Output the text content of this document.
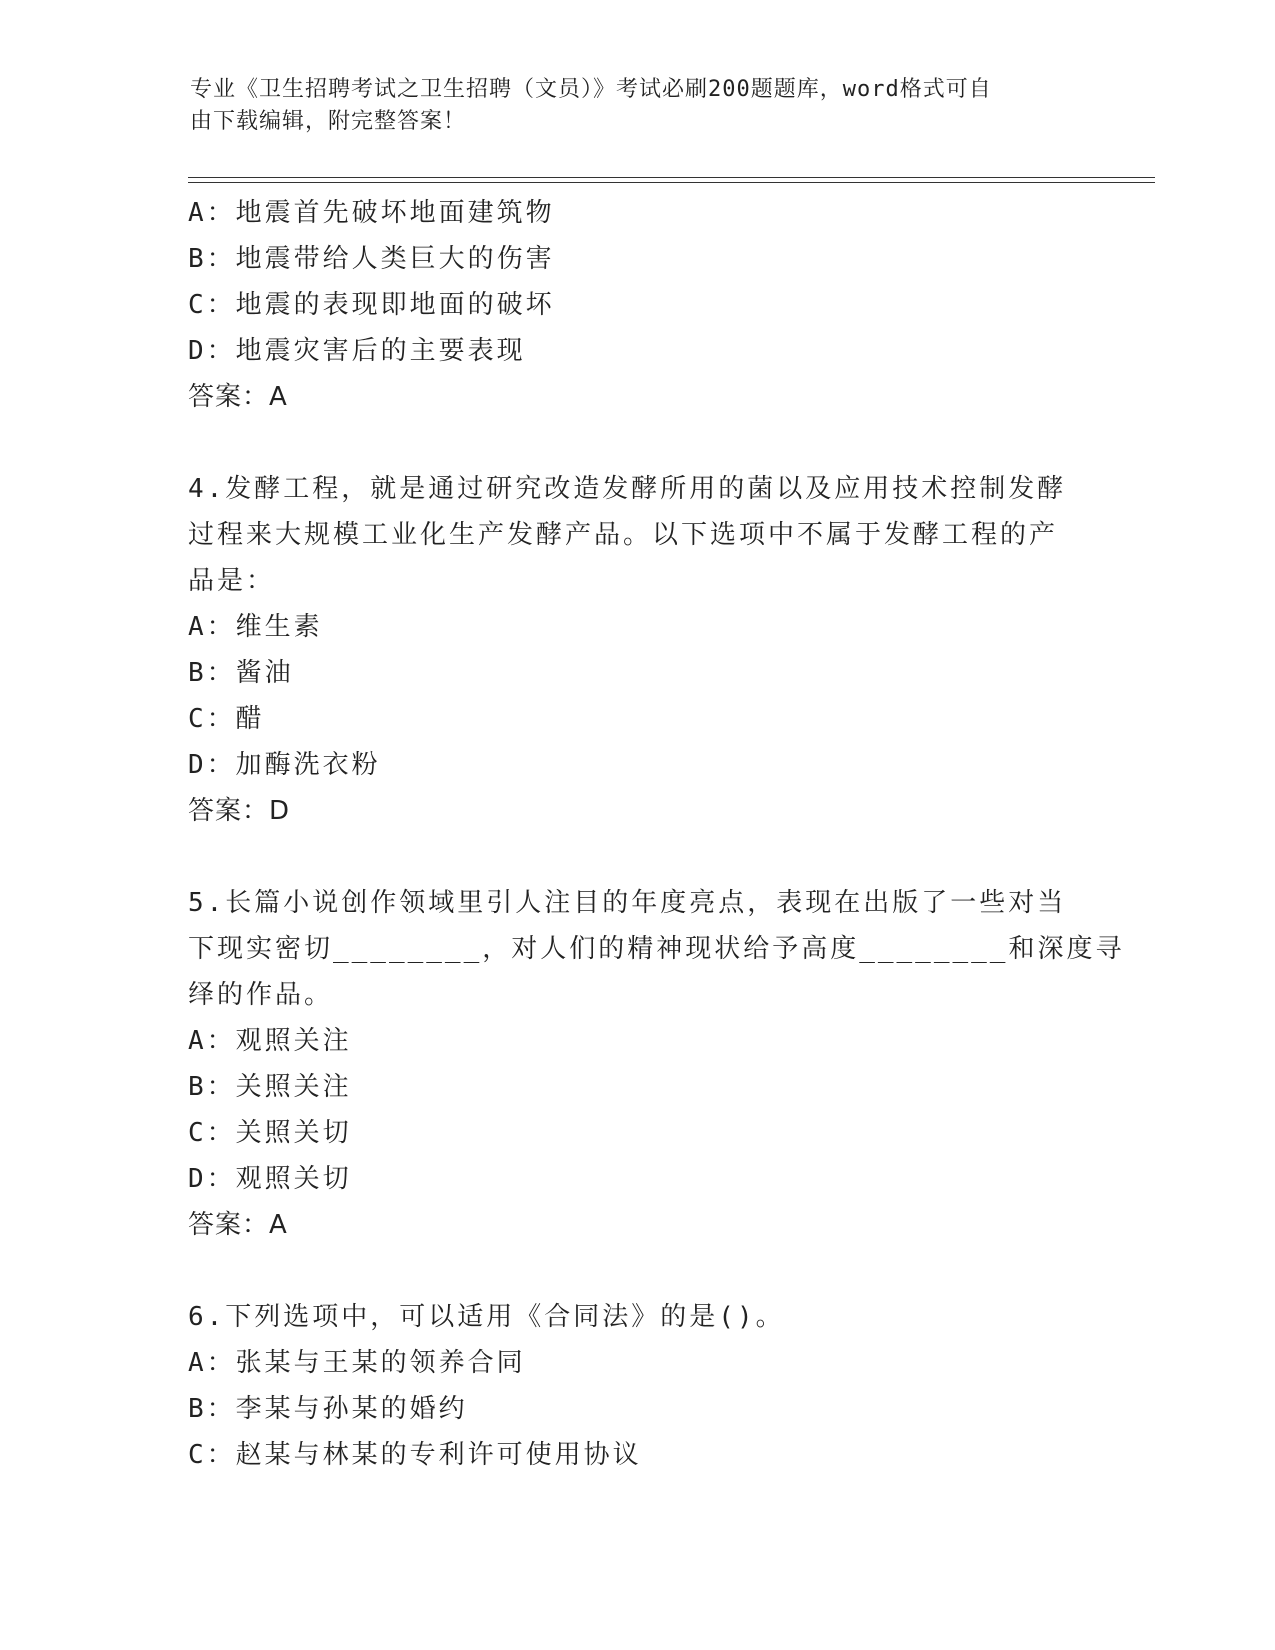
专业《卫生招聘考试之卫生招聘（文员）》考试必刷200题题库，word格式可自
由下载编辑，附完整答案！

A：地震首先破坏地面建筑物

B：地震带给人类巨大的伤害

C：地震的表现即地面的破坏

D：地震灾害后的主要表现

答案：A

4.发酵工程，就是通过研究改造发酵所用的菌以及应用技术控制发酵

过程来大规模工业化生产发酵产品。以下选项中不属于发酵工程的产

品是：

A：维生素

B：酱油

C：醋

D：加酶洗衣粉

答案：D

5.长篇小说创作领域里引人注目的年度亮点，表现在出版了一些对当

下现实密切________，对人们的精神现状给予高度________和深度寻

绎的作品。

A：观照关注

B：关照关注

C：关照关切

D：观照关切

答案：A

6.下列选项中，可以适用《合同法》的是()。

A：张某与王某的领养合同

B：李某与孙某的婚约

C：赵某与林某的专利许可使用协议
